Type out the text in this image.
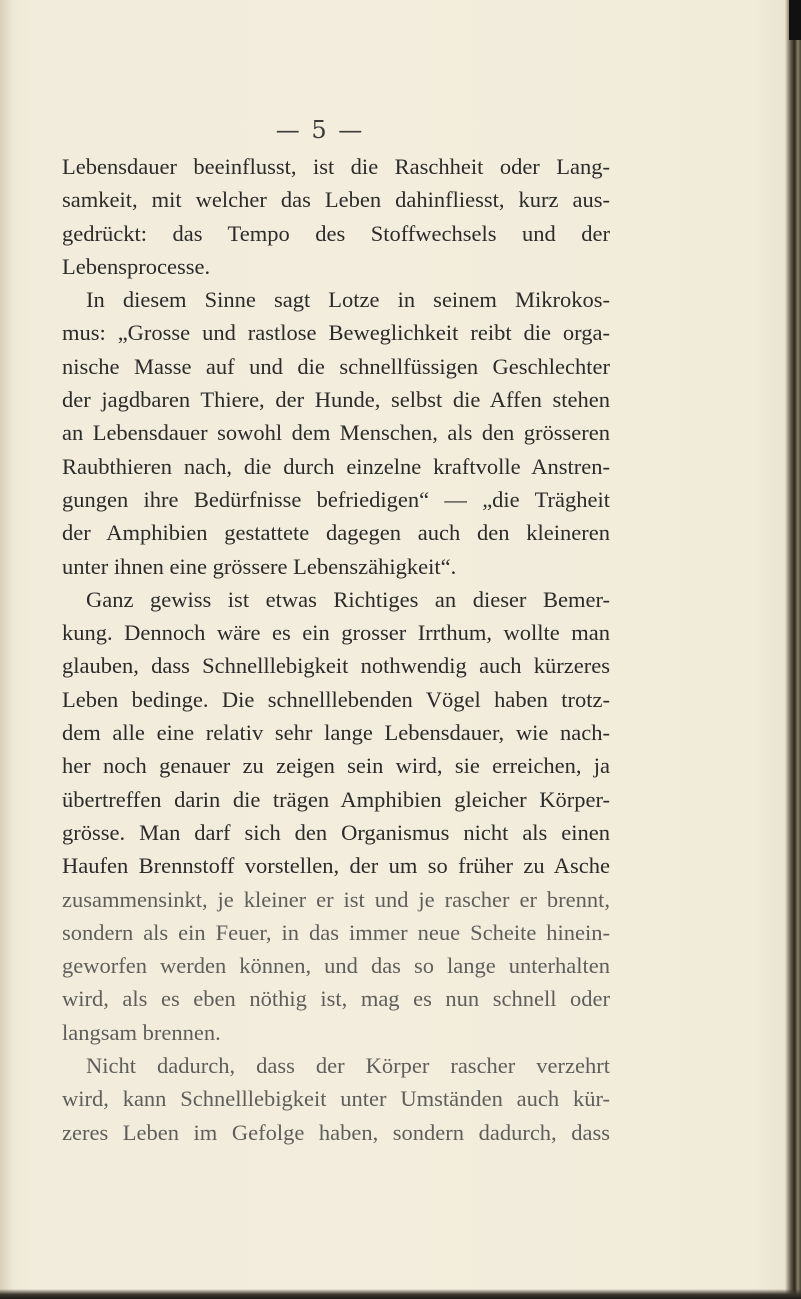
— 5 —
Lebensdauer beeinflusst, ist die Raschheit oder Lang-
samkeit, mit welcher das Leben dahinfliesst, kurz aus-
gedrückt: das Tempo des Stoffwechsels und der
Lebensprocesse.
In diesem Sinne sagt Lotze in seinem Mikrokos-
mus: „Grosse und rastlose Beweglichkeit reibt die orga-
nische Masse auf und die schnellfüssigen Geschlechter
der jagdbaren Thiere, der Hunde, selbst die Affen stehen
an Lebensdauer sowohl dem Menschen, als den grösseren
Raubthieren nach, die durch einzelne kraftvolle Anstren-
gungen ihre Bedürfnisse befriedigen“ — „die Trägheit
der Amphibien gestattete dagegen auch den kleineren
unter ihnen eine grössere Lebenszähigkeit“.
Ganz gewiss ist etwas Richtiges an dieser Bemer-
kung. Dennoch wäre es ein grosser Irrthum, wollte man
glauben, dass Schnelllebigkeit nothwendig auch kürzeres
Leben bedinge. Die schnelllebenden Vögel haben trotz-
dem alle eine relativ sehr lange Lebensdauer, wie nach-
her noch genauer zu zeigen sein wird, sie erreichen, ja
übertreffen darin die trägen Amphibien gleicher Körper-
grösse. Man darf sich den Organismus nicht als einen
Haufen Brennstoff vorstellen, der um so früher zu Asche
zusammensinkt, je kleiner er ist und je rascher er brennt,
sondern als ein Feuer, in das immer neue Scheite hinein-
geworfen werden können, und das so lange unterhalten
wird, als es eben nöthig ist, mag es nun schnell oder
langsam brennen.
Nicht dadurch, dass der Körper rascher verzehrt
wird, kann Schnelllebigkeit unter Umständen auch kür-
zeres Leben im Gefolge haben, sondern dadurch, dass
